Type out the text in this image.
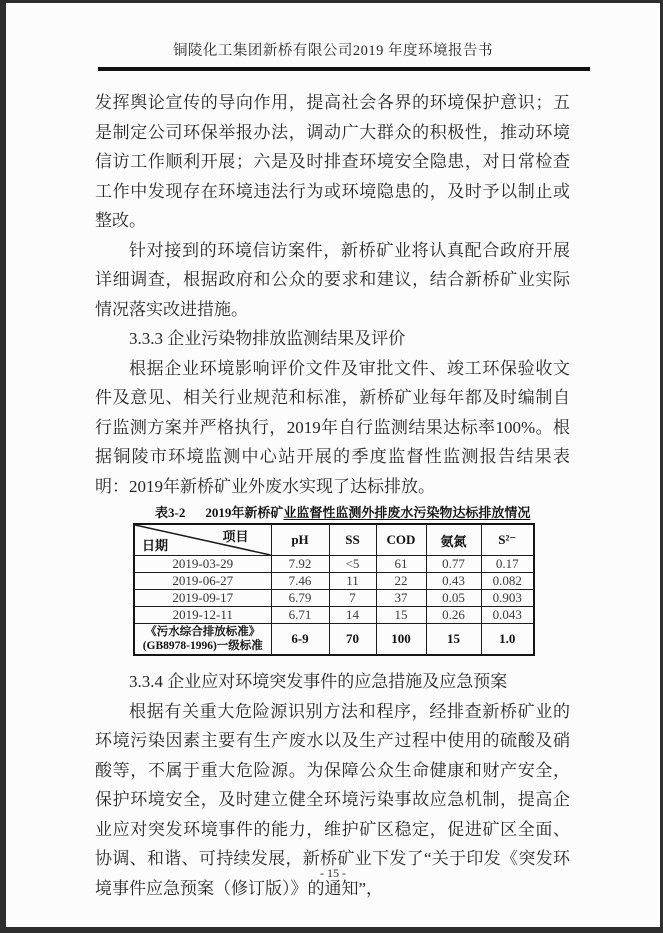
铜陵化工集团新桥有限公司2019 年度环境报告书

发挥舆论宣传的导向作用，提高社会各界的环境保护意识；五是制定公司环保举报办法，调动广大群众的积极性，推动环境信访工作顺利开展；六是及时排查环境安全隐患，对日常检查工作中发现存在环境违法行为或环境隐患的，及时予以制止或整改。

针对接到的环境信访案件，新桥矿业将认真配合政府开展详细调查，根据政府和公众的要求和建议，结合新桥矿业实际情况落实改进措施。

3.3.3 企业污染物排放监测结果及评价

根据企业环境影响评价文件及审批文件、竣工环保验收文件及意见、相关行业规范和标准，新桥矿业每年都及时编制自行监测方案并严格执行，2019年自行监测结果达标率100%。根据铜陵市环境监测中心站开展的季度监督性监测报告结果表明：2019年新桥矿业外废水实现了达标排放。

表3-2 2019年新桥矿业监督性监测外排废水污染物达标排放情况
项目
日期	pH	SS	COD	氨氮	S²⁻
2019-03-29	7.92	<5	61	0.77	0.17
2019-06-27	7.46	11	22	0.43	0.082
2019-09-17	6.79	7	37	0.05	0.903
2019-12-11	6.71	14	15	0.26	0.043

《污水综合排放标准》
(GB8978-1996)一级标准	6-9	70	100	15	1.0

3.3.4 企业应对环境突发事件的应急措施及应急预案

根据有关重大危险源识别方法和程序，经排查新桥矿业的环境污染因素主要有生产废水以及生产过程中使用的硫酸及硝酸等，不属于重大危险源。为保障公众生命健康和财产安全，保护环境安全，及时建立健全环境污染事故应急机制，提高企业应对突发环境事件的能力，维护矿区稳定，促进矿区全面、协调、和谐、可持续发展，新桥矿业下发了“关于印发《突发环境事件应急预案（修订版）》的通知”，

- 15 -
